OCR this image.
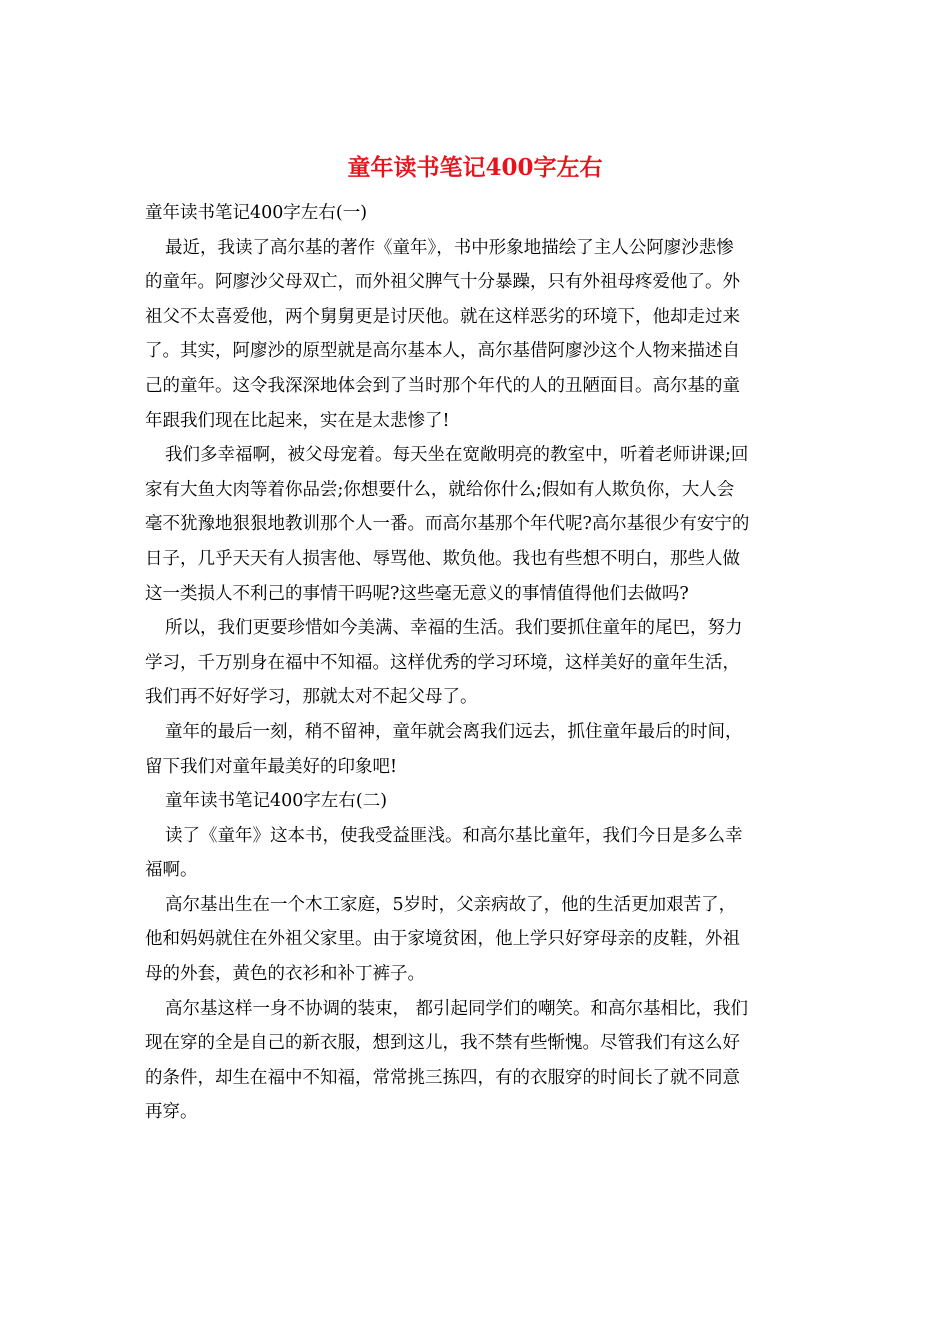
童年读书笔记400字左右
童年读书笔记400字左右(一)
最近，我读了高尔基的著作《童年》，书中形象地描绘了主人公阿廖沙悲惨
的童年。阿廖沙父母双亡，而外祖父脾气十分暴躁，只有外祖母疼爱他了。外
祖父不太喜爱他，两个舅舅更是讨厌他。就在这样恶劣的环境下，他却走过来
了。其实，阿廖沙的原型就是高尔基本人，高尔基借阿廖沙这个人物来描述自
己的童年。这令我深深地体会到了当时那个年代的人的丑陋面目。高尔基的童
年跟我们现在比起来，实在是太悲惨了!
我们多幸福啊，被父母宠着。每天坐在宽敞明亮的教室中，听着老师讲课;回
家有大鱼大肉等着你品尝;你想要什么，就给你什么;假如有人欺负你，大人会
毫不犹豫地狠狠地教训那个人一番。而高尔基那个年代呢?高尔基很少有安宁的
日子，几乎天天有人损害他、辱骂他、欺负他。我也有些想不明白，那些人做
这一类损人不利己的事情干吗呢?这些毫无意义的事情值得他们去做吗?
所以，我们更要珍惜如今美满、幸福的生活。我们要抓住童年的尾巴，努力
学习，千万别身在福中不知福。这样优秀的学习环境，这样美好的童年生活，
我们再不好好学习，那就太对不起父母了。
童年的最后一刻，稍不留神，童年就会离我们远去，抓住童年最后的时间，
留下我们对童年最美好的印象吧!
童年读书笔记400字左右(二)
读了《童年》这本书，使我受益匪浅。和高尔基比童年，我们今日是多么幸
福啊。
高尔基出生在一个木工家庭，5岁时，父亲病故了，他的生活更加艰苦了，
他和妈妈就住在外祖父家里。由于家境贫困，他上学只好穿母亲的皮鞋，外祖
母的外套，黄色的衣衫和补丁裤子。
高尔基这样一身不协调的装束， 都引起同学们的嘲笑。和高尔基相比，我们
现在穿的全是自己的新衣服，想到这儿，我不禁有些惭愧。尽管我们有这么好
的条件，却生在福中不知福，常常挑三拣四，有的衣服穿的时间长了就不同意
再穿。
